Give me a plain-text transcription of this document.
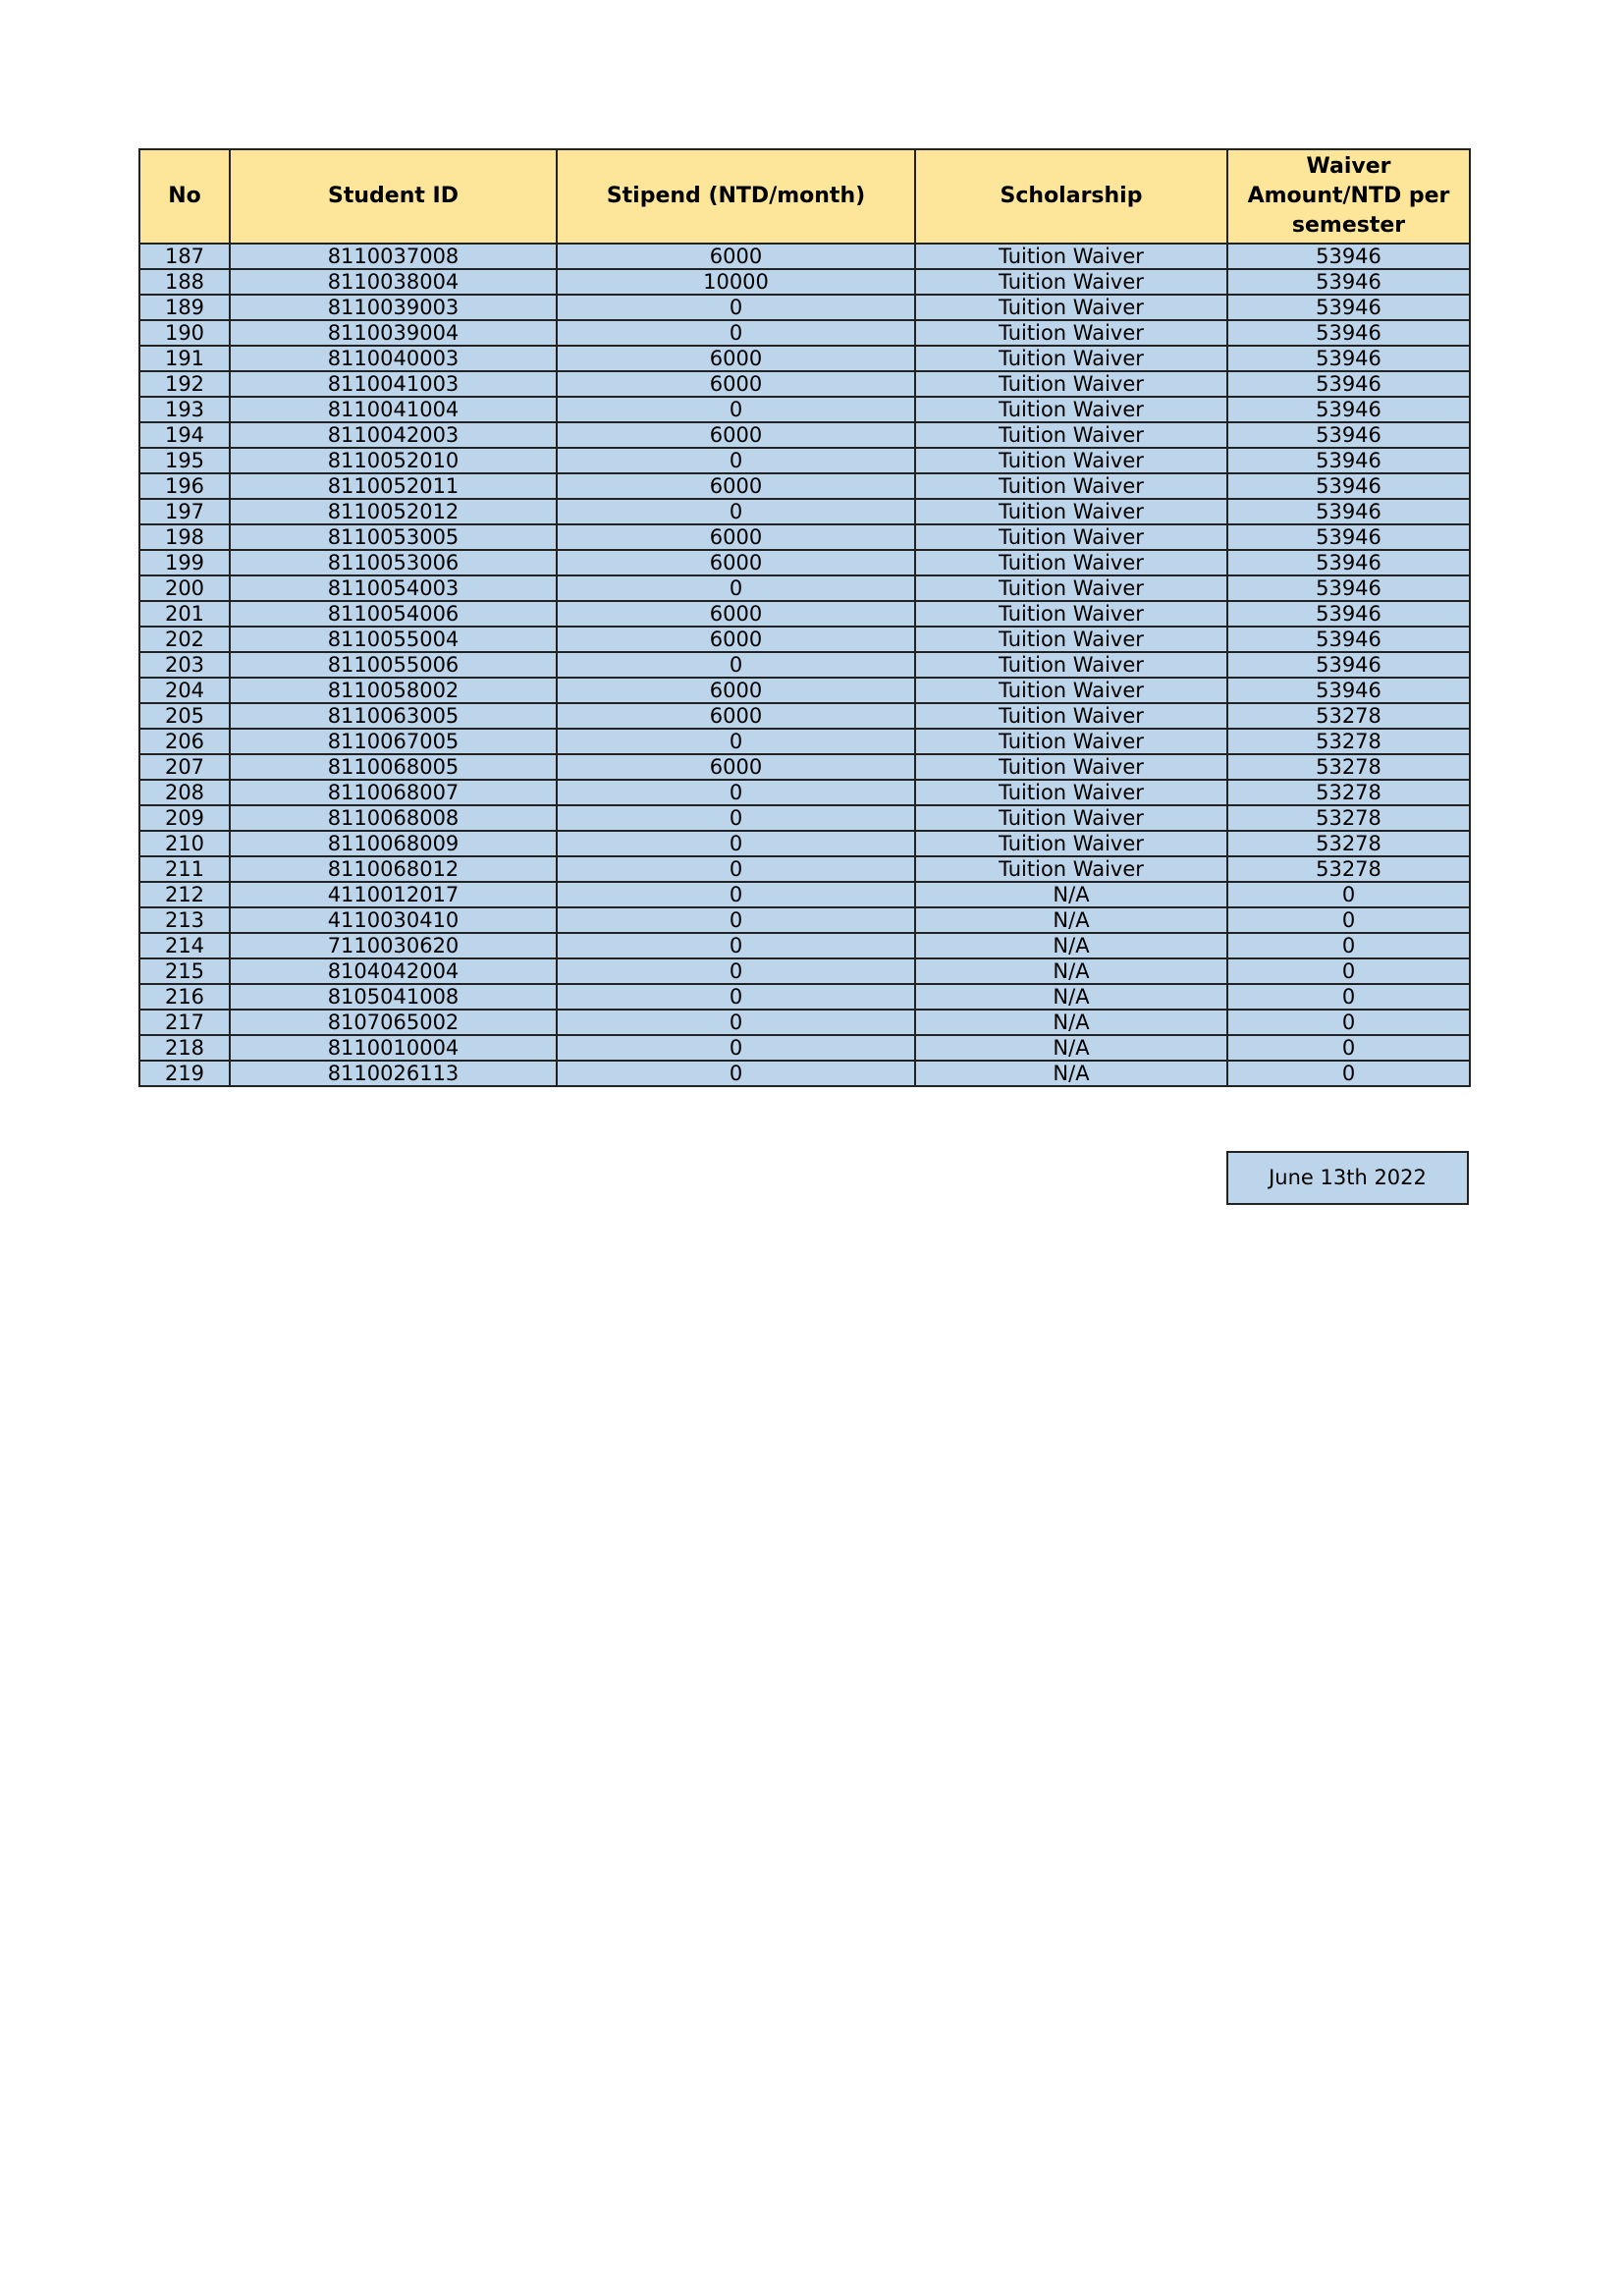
No	Student ID	Stipend (NTD/month)	Scholarship	Waiver Amount/NTD per semester
187	8110037008	6000	Tuition Waiver	53946
188	8110038004	10000	Tuition Waiver	53946
189	8110039003	0	Tuition Waiver	53946
190	8110039004	0	Tuition Waiver	53946
191	8110040003	6000	Tuition Waiver	53946
192	8110041003	6000	Tuition Waiver	53946
193	8110041004	0	Tuition Waiver	53946
194	8110042003	6000	Tuition Waiver	53946
195	8110052010	0	Tuition Waiver	53946
196	8110052011	6000	Tuition Waiver	53946
197	8110052012	0	Tuition Waiver	53946
198	8110053005	6000	Tuition Waiver	53946
199	8110053006	6000	Tuition Waiver	53946
200	8110054003	0	Tuition Waiver	53946
201	8110054006	6000	Tuition Waiver	53946
202	8110055004	6000	Tuition Waiver	53946
203	8110055006	0	Tuition Waiver	53946
204	8110058002	6000	Tuition Waiver	53946
205	8110063005	6000	Tuition Waiver	53278
206	8110067005	0	Tuition Waiver	53278
207	8110068005	6000	Tuition Waiver	53278
208	8110068007	0	Tuition Waiver	53278
209	8110068008	0	Tuition Waiver	53278
210	8110068009	0	Tuition Waiver	53278
211	8110068012	0	Tuition Waiver	53278
212	4110012017	0	N/A	0
213	4110030410	0	N/A	0
214	7110030620	0	N/A	0
215	8104042004	0	N/A	0
216	8105041008	0	N/A	0
217	8107065002	0	N/A	0
218	8110010004	0	N/A	0
219	8110026113	0	N/A	0
June 13th 2022
